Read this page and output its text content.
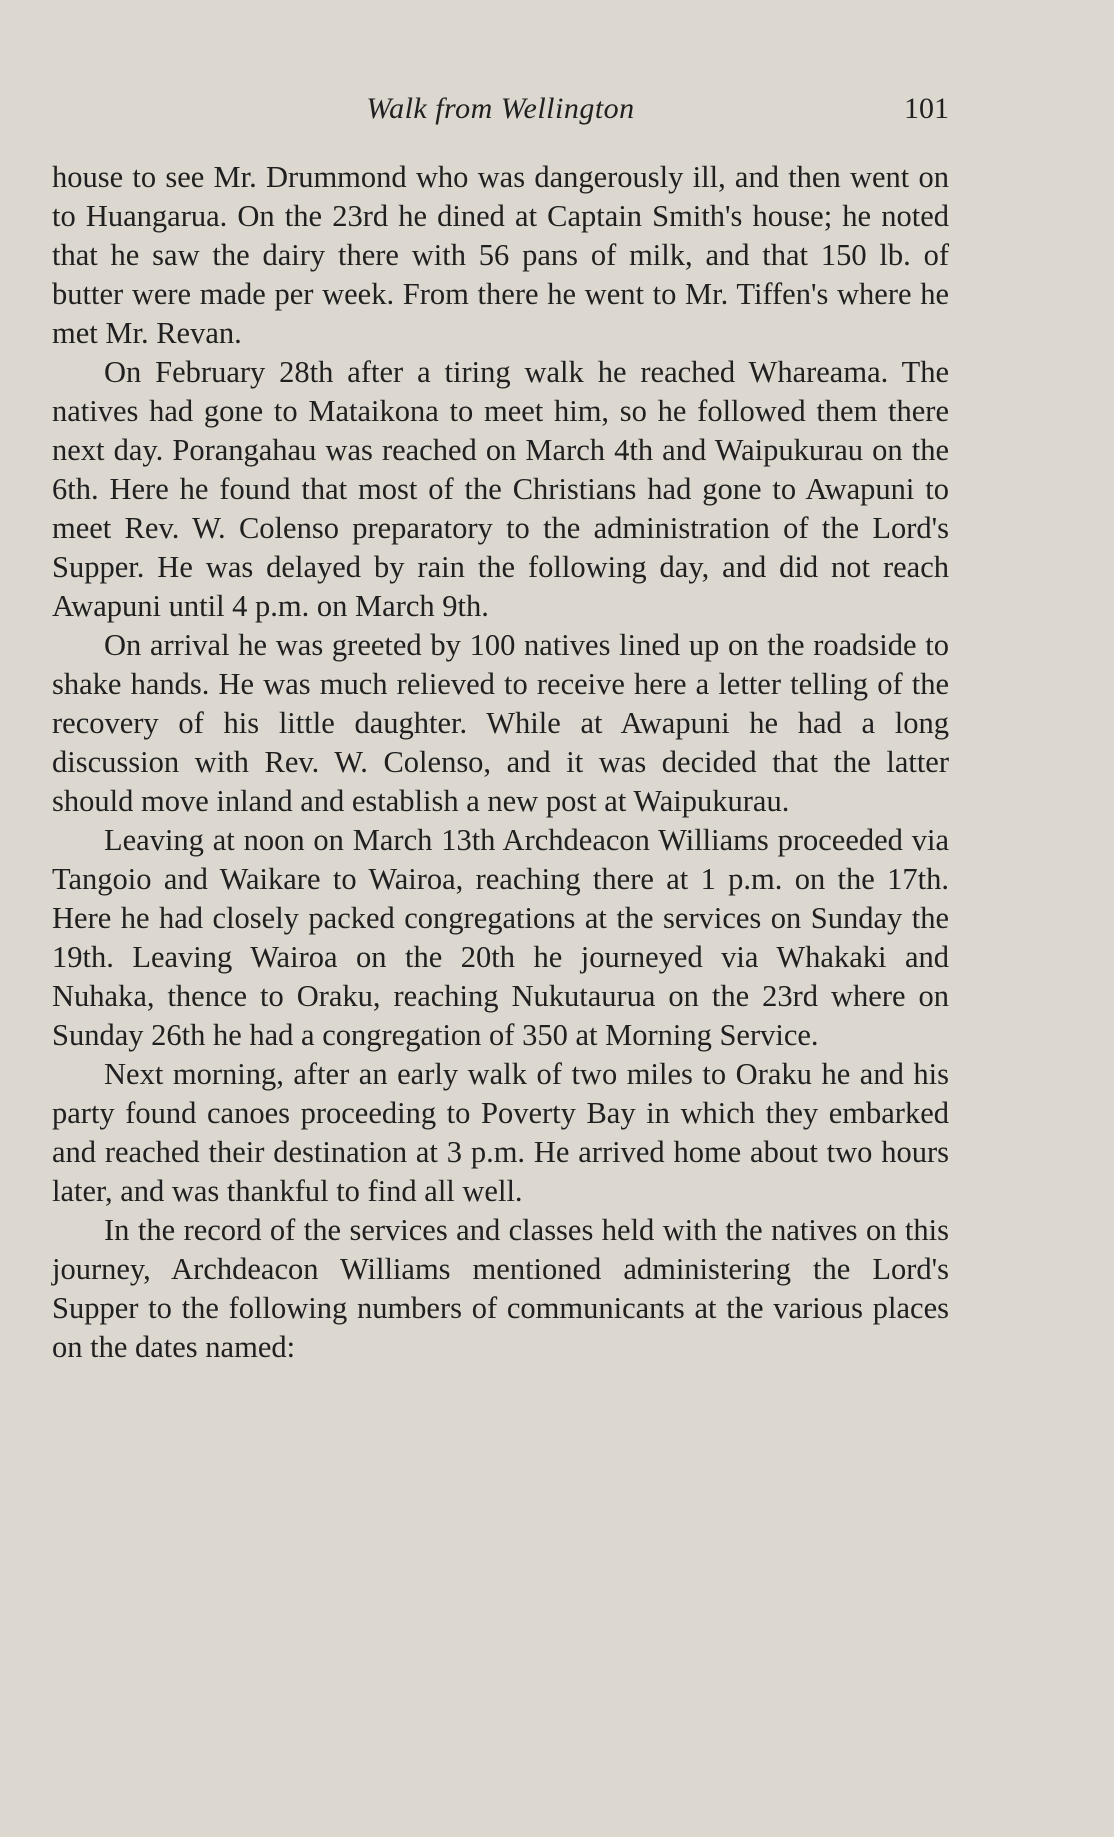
Walk from Wellington	101

house to see Mr. Drummond who was dangerously ill, and then went on to Huangarua. On the 23rd he dined at Captain Smith's house; he noted that he saw the dairy there with 56 pans of milk, and that 150 lb. of butter were made per week. From there he went to Mr. Tiffen's where he met Mr. Revan.

On February 28th after a tiring walk he reached Whareama. The natives had gone to Mataikona to meet him, so he followed them there next day. Porangahau was reached on March 4th and Waipukurau on the 6th. Here he found that most of the Christians had gone to Awapuni to meet Rev. W. Colenso preparatory to the administration of the Lord's Supper. He was delayed by rain the following day, and did not reach Awapuni until 4 p.m. on March 9th.

On arrival he was greeted by 100 natives lined up on the roadside to shake hands. He was much relieved to receive here a letter telling of the recovery of his little daughter. While at Awapuni he had a long discussion with Rev. W. Colenso, and it was decided that the latter should move inland and establish a new post at Waipukurau.

Leaving at noon on March 13th Archdeacon Williams proceeded via Tangoio and Waikare to Wairoa, reaching there at 1 p.m. on the 17th. Here he had closely packed congregations at the services on Sunday the 19th. Leaving Wairoa on the 20th he journeyed via Whakaki and Nuhaka, thence to Oraku, reaching Nukutaurua on the 23rd where on Sunday 26th he had a congregation of 350 at Morning Service.

Next morning, after an early walk of two miles to Oraku he and his party found canoes proceeding to Poverty Bay in which they embarked and reached their destination at 3 p.m. He arrived home about two hours later, and was thankful to find all well.

In the record of the services and classes held with the natives on this journey, Archdeacon Williams mentioned administering the Lord's Supper to the following numbers of communicants at the various places on the dates named:
